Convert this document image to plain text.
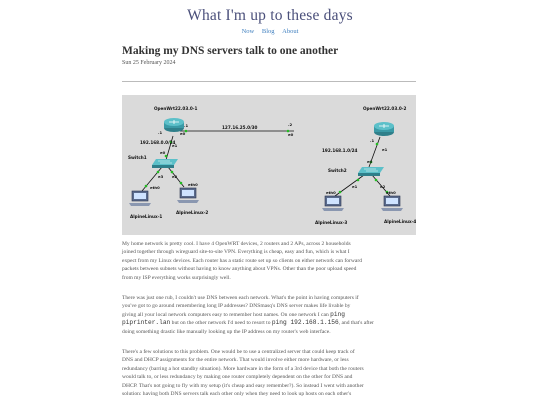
What I'm up to these days
Now Blog About
Making my DNS servers talk to one another
Sun 25 February 2024
OpenWrt22.03.0-1	OpenWrt22.03.0-2
127.16.25.0/30
.1
e0
.2
e0
.1
e1
192.168.0.0/24
e0
Switch1
e3 e2
eth0
eth0
AlpineLinux-1
AlpineLinux-2
.1
e1
192.168.1.0/24
e0
Switch2
e1	e2
eth0	eth0
AlpineLinux-3	AlpineLinux-4
My home network is pretty cool. I have 4 OpenWRT devices, 2 routers and 2 APs, across 2 households
joined together through wireguard site-to-site VPN. Everything is cheap, easy and fun, which is what I
expect from my Linux devices. Each router has a static route set up so clients on either network can forward
packets between subnets without having to know anything about VPNs. Other than the poor upload speed
from my ISP everything works surprisingly well.
There was just one rub, I couldn't use DNS between each network. What's the point in having computers if
you've got to go around remembering long IP addresses? DNSmasq's DNS server makes life livable by
giving all your local network computers easy to remember host names. On one network I can ping
piprinter.lan but on the other network I'd need to resort to ping 192.168.1.156, and that's after
doing something drastic like manually looking up the IP address on my router's web interface.
There's a few solutions to this problem. One would be to use a centralized server that could keep track of
DNS and DHCP assignments for the entire network. That would involve either more hardware, or less
redundancy (barring a hot standby situation). More hardware in the form of a 3rd device that both the routers
would talk to, or less redundancy by making one router completely dependent on the other for DNS and
DHCP. That's not going to fly with my setup (it's cheap and easy remember?). So instead I went with another
solution: having both DNS servers talk each other only when they need to look up hosts on each other's
